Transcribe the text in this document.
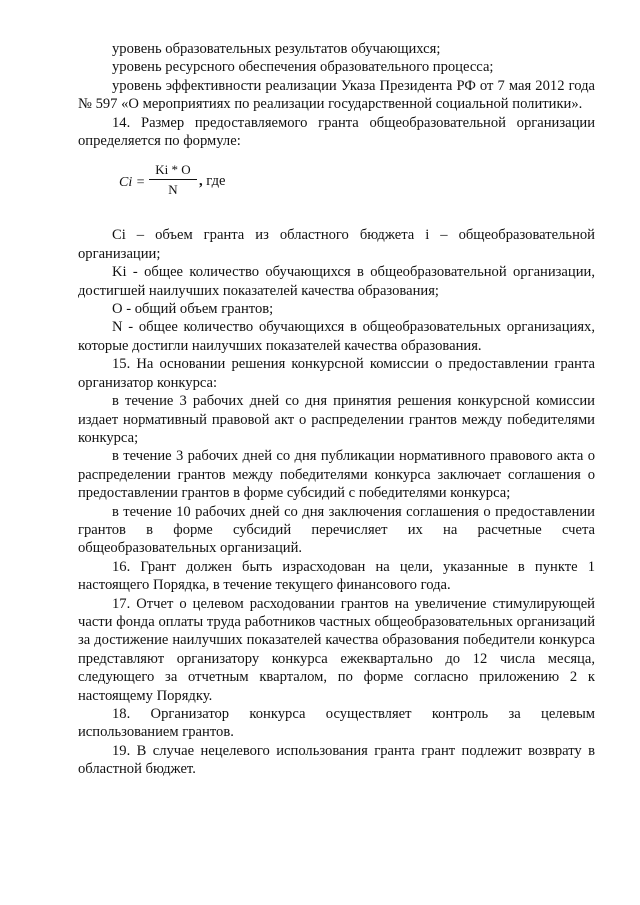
уровень образовательных результатов обучающихся;

уровень ресурсного обеспечения образовательного процесса;

уровень эффективности реализации Указа Президента РФ от 7 мая 2012 года № 597 «О мероприятиях по реализации государственной социальной политики».

14. Размер предоставляемого гранта общеобразовательной организации определяется по формуле:

$Ci = \frac{Ki * O}{N}$ , где

Ci – объем гранта из областного бюджета i – общеобразовательной организации;

Ki - общее количество обучающихся в общеобразовательной организации, достигшей наилучших показателей качества образования;

O - общий объем грантов;

N - общее количество обучающихся в общеобразовательных организациях, которые достигли наилучших показателей качества образования.

15. На основании решения конкурсной комиссии о предоставлении гранта организатор конкурса:

в течение 3 рабочих дней со дня принятия решения конкурсной комиссии издает нормативный правовой акт о распределении грантов между победителями конкурса;

в течение 3 рабочих дней со дня публикации нормативного правового акта о распределении грантов между победителями конкурса заключает соглашения о предоставлении грантов в форме субсидий с победителями конкурса;

в течение 10 рабочих дней со дня заключения соглашения о предоставлении грантов в форме субсидий перечисляет их на расчетные счета общеобразовательных организаций.

16. Грант должен быть израсходован на цели, указанные в пункте 1 настоящего Порядка, в течение текущего финансового года.

17. Отчет о целевом расходовании грантов на увеличение стимулирующей части фонда оплаты труда работников частных общеобразовательных организаций за достижение наилучших показателей качества образования победители конкурса представляют организатору конкурса ежеквартально до 12 числа месяца, следующего за отчетным кварталом, по форме согласно приложению 2 к настоящему Порядку.

18. Организатор конкурса осуществляет контроль за целевым использованием грантов.

19. В случае нецелевого использования гранта грант подлежит возврату в областной бюджет.
